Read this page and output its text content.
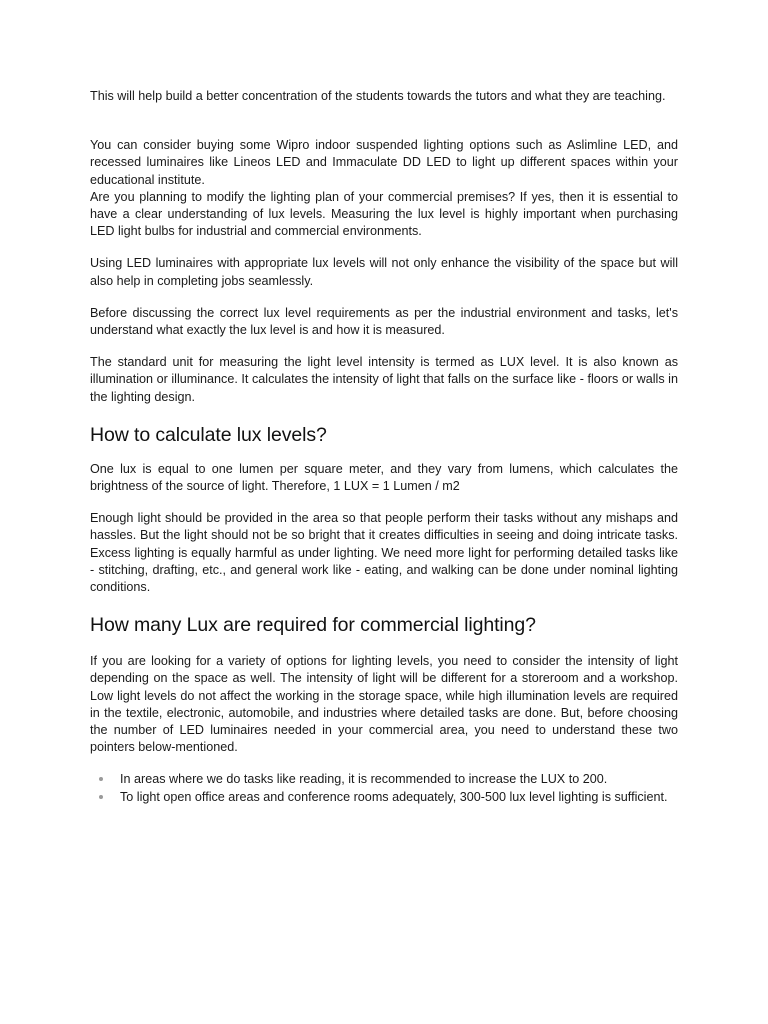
This will help build a better concentration of the students towards the tutors and what they are teaching.

You can consider buying some Wipro indoor suspended lighting options such as Aslimline LED, and recessed luminaires like Lineos LED and Immaculate DD LED to light up different spaces within your educational institute.

Are you planning to modify the lighting plan of your commercial premises? If yes, then it is essential to have a clear understanding of lux levels. Measuring the lux level is highly important when purchasing LED light bulbs for industrial and commercial environments.

Using LED luminaires with appropriate lux levels will not only enhance the visibility of the space but will also help in completing jobs seamlessly.

Before discussing the correct lux level requirements as per the industrial environment and tasks, let's understand what exactly the lux level is and how it is measured.

The standard unit for measuring the light level intensity is termed as LUX level. It is also known as illumination or illuminance. It calculates the intensity of light that falls on the surface like - floors or walls in the lighting design.

How to calculate lux levels?

One lux is equal to one lumen per square meter, and they vary from lumens, which calculates the brightness of the source of light. Therefore, 1 LUX = 1 Lumen / m2

Enough light should be provided in the area so that people perform their tasks without any mishaps and hassles. But the light should not be so bright that it creates difficulties in seeing and doing intricate tasks. Excess lighting is equally harmful as under lighting. We need more light for performing detailed tasks like - stitching, drafting, etc., and general work like - eating, and walking can be done under nominal lighting conditions.

How many Lux are required for commercial lighting?

If you are looking for a variety of options for lighting levels, you need to consider the intensity of light depending on the space as well. The intensity of light will be different for a storeroom and a workshop. Low light levels do not affect the working in the storage space, while high illumination levels are required in the textile, electronic, automobile, and industries where detailed tasks are done. But, before choosing the number of LED luminaires needed in your commercial area, you need to understand these two pointers below-mentioned.

In areas where we do tasks like reading, it is recommended to increase the LUX to 200.
To light open office areas and conference rooms adequately, 300-500 lux level lighting is sufficient.
